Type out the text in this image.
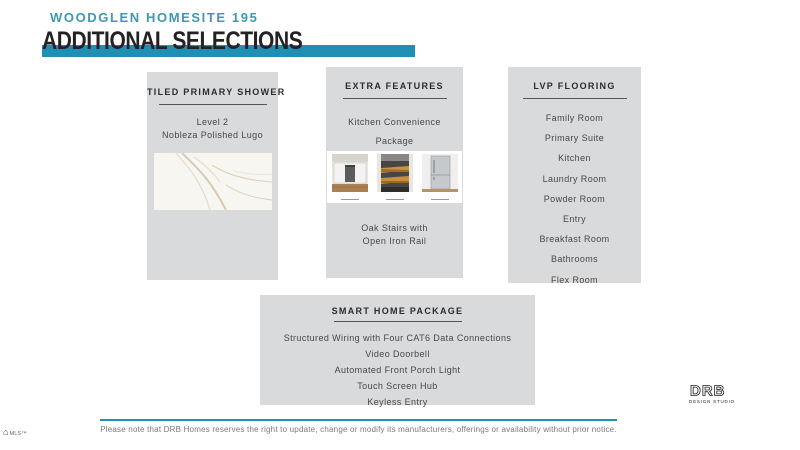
WOODGLEN HOMESITE 195
ADDITIONAL SELECTIONS
TILED PRIMARY SHOWER
Level 2
Nobleza Polished Lugo
EXTRA FEATURES
Kitchen Convenience
Package
Oak Stairs with
Open Iron Rail
LVP FLOORING
Family Room
Primary Suite
Kitchen
Laundry Room
Powder Room
Entry
Breakfast Room
Bathrooms
Flex Room
SMART HOME PACKAGE
Structured Wiring with Four CAT6 Data Connections
Video Doorbell
Automated Front Porch Light
Touch Screen Hub
Keyless Entry
Please note that DRB Homes reserves the right to update, change or modify its manufacturers, offerings or availability without prior notice.
DRB
DESIGN STUDIO
⌂ MLS™
